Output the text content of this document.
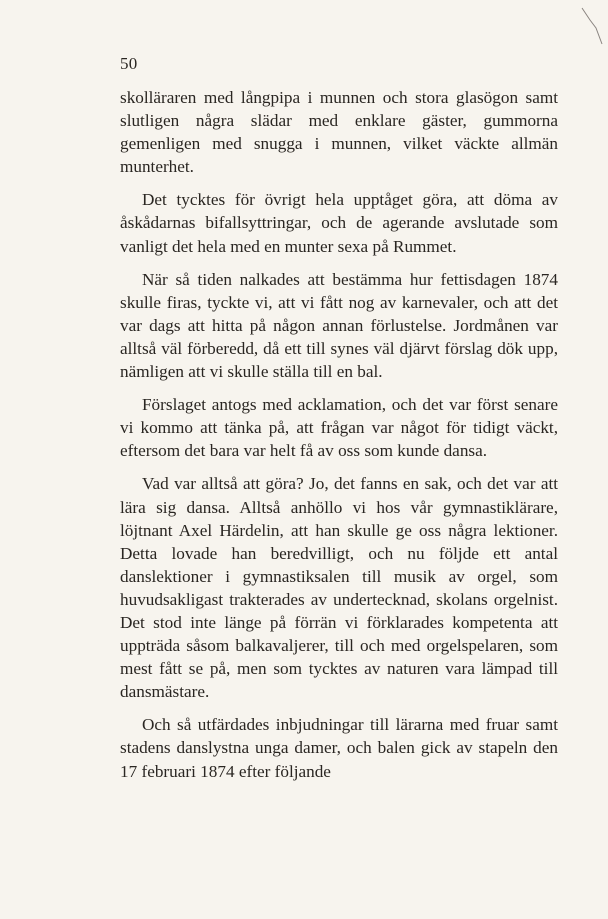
50

skolläraren med långpipa i munnen och stora glasögon samt slutligen några slädar med enklare gäster, gummorna gemenligen med snugga i munnen, vilket väckte allmän munterhet.

Det tycktes för övrigt hela upptåget göra, att döma av åskådarnas bifallsyttringar, och de agerande avslutade som vanligt det hela med en munter sexa på Rummet.

När så tiden nalkades att bestämma hur fettisdagen 1874 skulle firas, tyckte vi, att vi fått nog av karnevaler, och att det var dags att hitta på någon annan förlustelse. Jordmånen var alltså väl förberedd, då ett till synes väl djärvt förslag dök upp, nämligen att vi skulle ställa till en bal.

Förslaget antogs med acklamation, och det var först senare vi kommo att tänka på, att frågan var något för tidigt väckt, eftersom det bara var helt få av oss som kunde dansa.

Vad var alltså att göra? Jo, det fanns en sak, och det var att lära sig dansa. Alltså anhöllo vi hos vår gymnastiklärare, löjtnant Axel Härdelin, att han skulle ge oss några lektioner. Detta lovade han beredvilligt, och nu följde ett antal danslektioner i gymnastiksalen till musik av orgel, som huvudsakligast trakterades av undertecknad, skolans orgelnist. Det stod inte länge på förrän vi förklarades kompetenta att uppträda såsom balkavaljerer, till och med orgelspelaren, som mest fått se på, men som tycktes av naturen vara lämpad till dansmästare.

Och så utfärdades inbjudningar till lärarna med fruar samt stadens danslystna unga damer, och balen gick av stapeln den 17 februari 1874 efter följande
